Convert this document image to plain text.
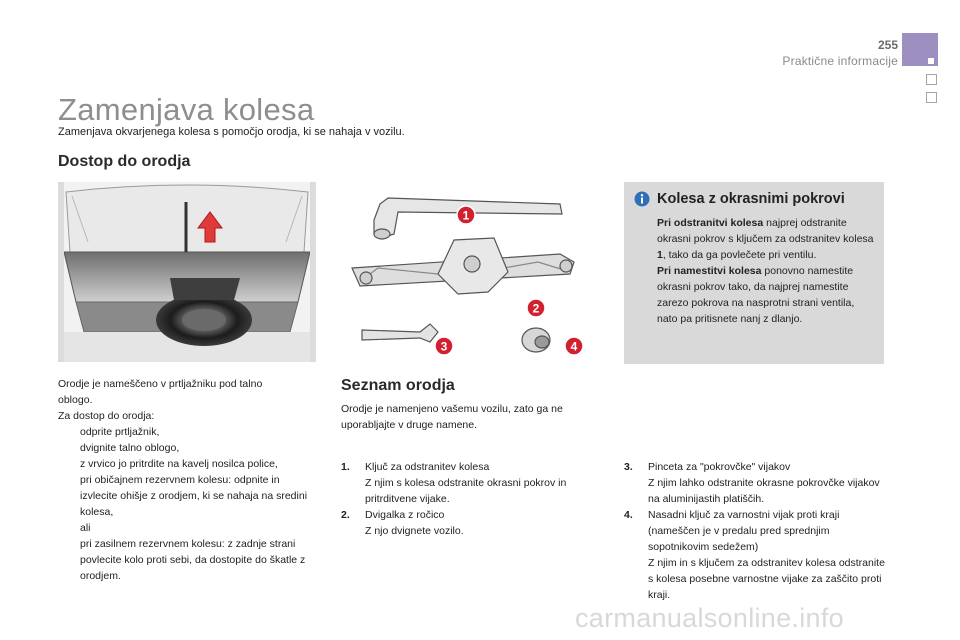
255
Praktične informacije
Zamenjava kolesa
Zamenjava okvarjenega kolesa s pomočjo orodja, ki se nahaja v vozilu.
Dostop do orodja
1
2
3	4
Kolesa z okrasnimi pokrovi
Pri odstranitvi kolesa najprej odstranite okrasni pokrov s ključem za odstranitev kolesa 1, tako da ga povlečete pri ventilu.
Pri namestitvi kolesa ponovno namestite okrasni pokrov tako, da najprej namestite zarezo pokrova na nasprotni strani ventila, nato pa pritisnete nanj z dlanjo.
Orodje je nameščeno v prtljažniku pod talno
oblogo.
Za dostop do orodja:
odprite prtljažnik,
dvignite talno oblogo,
z vrvico jo pritrdite na kavelj nosilca police,
pri običajnem rezervnem kolesu: odpnite in izvlecite ohišje z orodjem, ki se nahaja na sredini kolesa,
ali
pri zasilnem rezervnem kolesu: z zadnje strani povlecite kolo proti sebi, da dostopite do škatle z orodjem.
Seznam orodja
Orodje je namenjeno vašemu vozilu, zato ga ne uporabljajte v druge namene.
1. Ključ za odstranitev kolesa
Z njim s kolesa odstranite okrasni pokrov in pritrditvene vijake.
2. Dvigalka z ročico
Z njo dvignete vozilo.
3. Pinceta za "pokrovčke" vijakov
Z njim lahko odstranite okrasne pokrovčke vijakov na aluminijastih platiščih.
4. Nasadni ključ za varnostni vijak proti kraji
(nameščen je v predalu pred sprednjim sopotnikovim sedežem)
Z njim in s ključem za odstranitev kolesa odstranite s kolesa posebne varnostne vijake za zaščito proti kraji.
carmanualsonline.info
